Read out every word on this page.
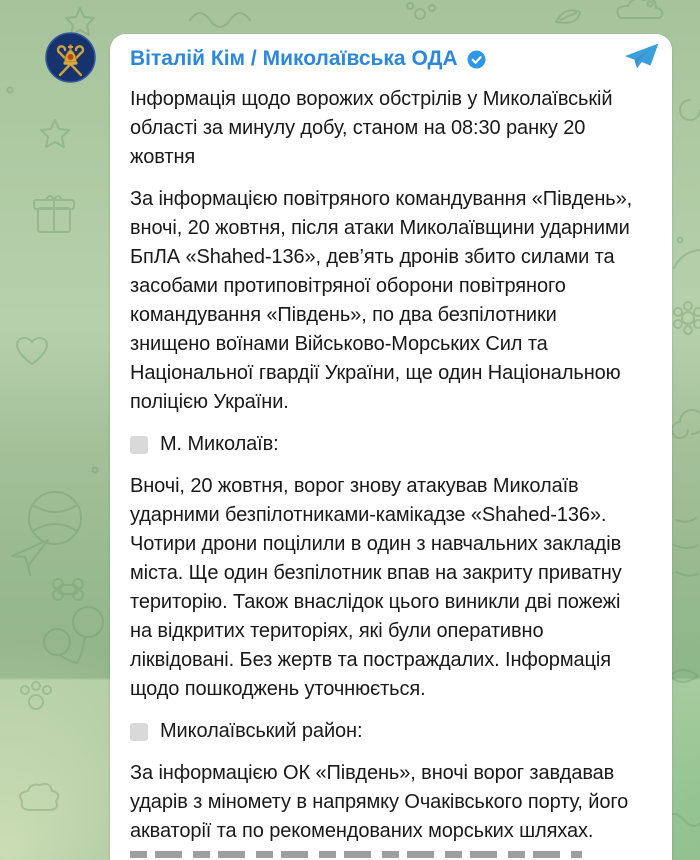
Віталій Кім / Миколаївська ОДА

Інформація щодо ворожих обстрілів у Миколаївській області за минулу добу, станом на 08:30 ранку 20 жовтня

За інформацією повітряного командування «Південь», вночі, 20 жовтня, після атаки Миколаївщини ударними БпЛА «Shahed-136», дев’ять дронів збито силами та засобами протиповітряної оборони повітряного командування «Південь», по два безпілотники знищено воїнами Військово-Морських Сил та Національної гвардії України, ще один Національною поліцією України.

М. Миколаїв:

Вночі, 20 жовтня, ворог знову атакував Миколаїв ударними безпілотниками-камікадзе «Shahed-136». Чотири дрони поцілили в один з навчальних закладів міста. Ще один безпілотник впав на закриту приватну територію. Також внаслідок цього виникли дві пожежі на відкритих територіях, які були оперативно ліквідовані. Без жертв та постраждалих. Інформація щодо пошкоджень уточнюється.

Миколаївський район:

За інформацією ОК «Південь», вночі ворог завдавав ударів з міномету в напрямку Очаківського порту, його акваторії та по рекомендованих морських шляхах.
